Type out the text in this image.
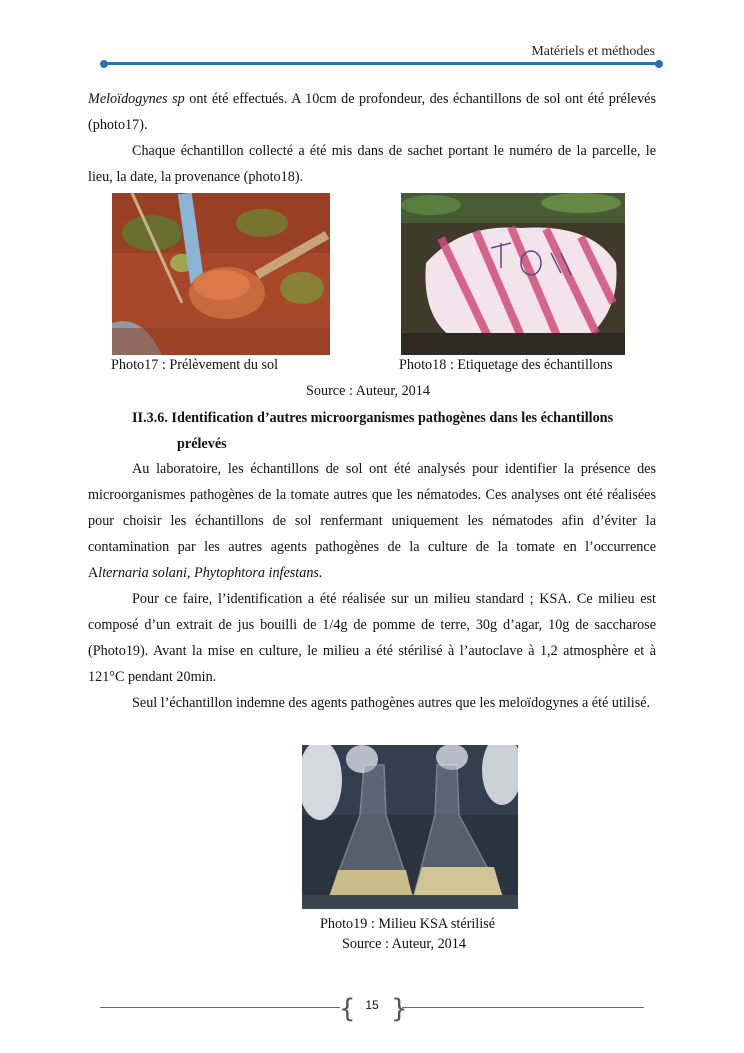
Matériels et méthodes

Meloïdogynes sp ont été effectués. A 10cm de profondeur, des échantillons de sol ont été prélevés (photo17).

Chaque échantillon collecté a été mis dans de sachet portant le numéro de la parcelle, le lieu, la date, la provenance (photo18).

Photo17 : Prélèvement du sol	Photo18 : Etiquetage des échantillons
Source : Auteur, 2014
II.3.6. Identification d’autres microorganismes pathogènes dans les échantillons
prélevés

Au laboratoire, les échantillons de sol ont été analysés pour identifier la présence des microorganismes pathogènes de la tomate autres que les nématodes. Ces analyses ont été réalisées pour choisir les échantillons de sol renfermant uniquement les nématodes afin d’éviter la contamination par les autres agents pathogènes de la culture de la tomate en l’occurrence Alternaria solani, Phytophtora infestans.

Pour ce faire, l’identification a été réalisée sur un milieu standard ; KSA. Ce milieu est composé d’un extrait de jus bouilli de 1/4g de pomme de terre, 30g d’agar, 10g de saccharose (Photo19). Avant la mise en culture, le milieu a été stérilisé à l’autoclave à 1,2 atmosphère et à 121°C pendant 20min.

Seul l’échantillon indemne des agents pathogènes autres que les meloïdogynes a été utilisé.

Photo19 : Milieu KSA stérilisé
Source : Auteur, 2014
{ }
15
